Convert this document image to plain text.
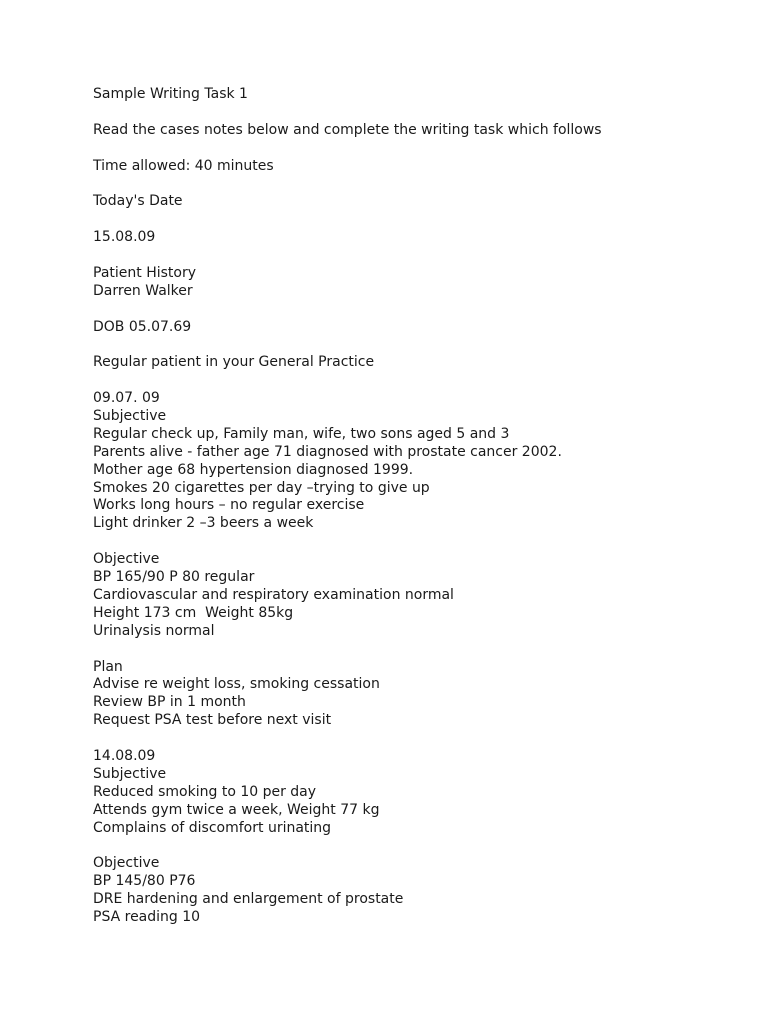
Sample Writing Task 1
Read the cases notes below and complete the writing task which follows
Time allowed: 40 minutes
Today's Date
15.08.09
Patient History
Darren Walker
DOB 05.07.69
Regular patient in your General Practice
09.07. 09
Subjective
Regular check up, Family man, wife, two sons aged 5 and 3
Parents alive - father age 71 diagnosed with prostate cancer 2002.
Mother age 68 hypertension diagnosed 1999.
Smokes 20 cigarettes per day –trying to give up
Works long hours – no regular exercise
Light drinker 2 –3 beers a week
Objective
BP 165/90 P 80 regular
Cardiovascular and respiratory examination normal
Height 173 cm  Weight 85kg
Urinalysis normal
Plan
Advise re weight loss, smoking cessation
Review BP in 1 month
Request PSA test before next visit
14.08.09
Subjective
Reduced smoking to 10 per day
Attends gym twice a week, Weight 77 kg
Complains of discomfort urinating
Objective
BP 145/80 P76
DRE hardening and enlargement of prostate
PSA reading 10
